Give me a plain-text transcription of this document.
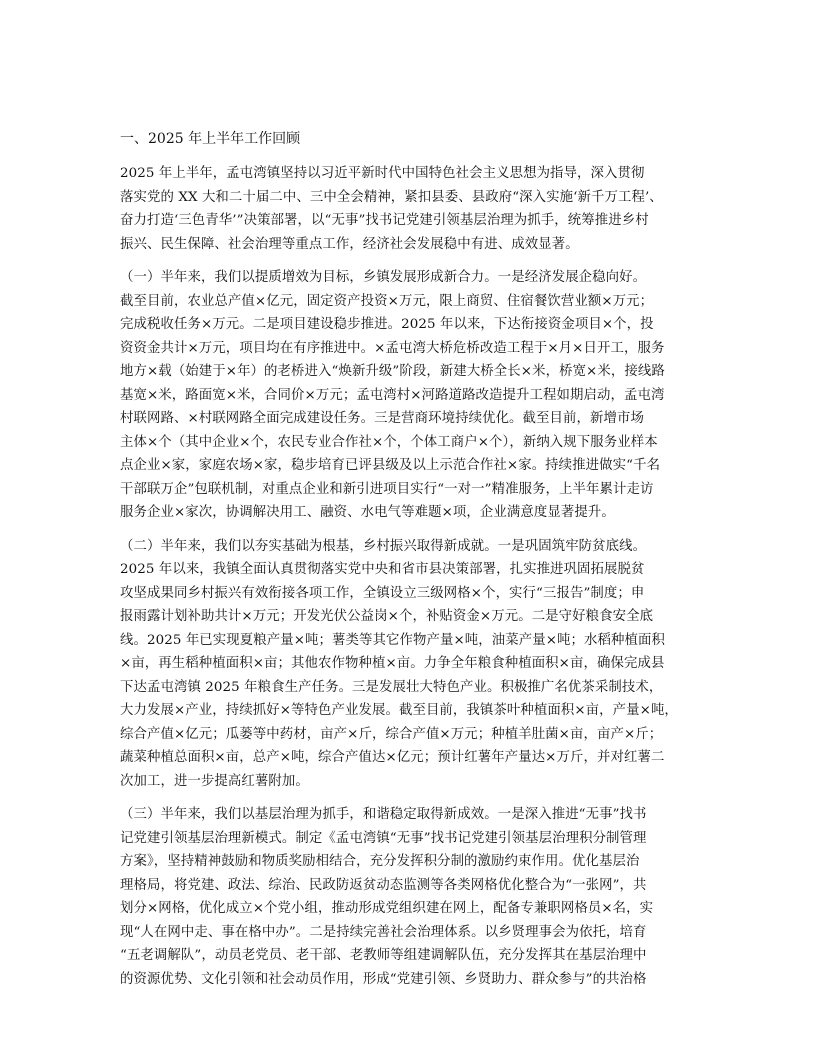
一、2025 年上半年工作回顾
2025 年上半年，孟屯湾镇坚持以习近平新时代中国特色社会主义思想为指导，深入贯彻
落实党的 XX 大和二十届二中、三中全会精神，紧扣县委、县政府“深入实施‘新千万工程’、
奋力打造‘三色青华’”决策部署，以“无事”找书记党建引领基层治理为抓手，统筹推进乡村
振兴、民生保障、社会治理等重点工作，经济社会发展稳中有进、成效显著。
（一）半年来，我们以提质增效为目标，乡镇发展形成新合力。一是经济发展企稳向好。
截至目前，农业总产值×亿元，固定资产投资×万元，限上商贸、住宿餐饮营业额×万元；
完成税收任务×万元。二是项目建设稳步推进。2025 年以来，下达衔接资金项目×个，投
资资金共计×万元，项目均在有序推进中。×孟屯湾大桥危桥改造工程于×月×日开工，服务
地方×载（始建于×年）的老桥进入“焕新升级”阶段，新建大桥全长×米，桥宽×米，接线路
基宽×米，路面宽×米，合同价×万元；孟屯湾村×河路道路改造提升工程如期启动，孟屯湾
村联网路、×村联网路全面完成建设任务。三是营商环境持续优化。截至目前，新增市场
主体×个（其中企业×个，农民专业合作社×个，个体工商户×个），新纳入规下服务业样本
点企业×家，家庭农场×家，稳步培育已评县级及以上示范合作社×家。持续推进做实“千名
干部联万企”包联机制，对重点企业和新引进项目实行“一对一”精准服务，上半年累计走访
服务企业×家次，协调解决用工、融资、水电气等难题×项，企业满意度显著提升。
（二）半年来，我们以夯实基础为根基，乡村振兴取得新成就。一是巩固筑牢防贫底线。
2025 年以来，我镇全面认真贯彻落实党中央和省市县决策部署，扎实推进巩固拓展脱贫
攻坚成果同乡村振兴有效衔接各项工作，全镇设立三级网格×个，实行“三报告”制度；申
报雨露计划补助共计×万元；开发光伏公益岗×个，补贴资金×万元。二是守好粮食安全底
线。2025 年已实现夏粮产量×吨；薯类等其它作物产量×吨，油菜产量×吨；水稻种植面积
×亩，再生稻种植面积×亩；其他农作物种植×亩。力争全年粮食种植面积×亩，确保完成县
下达孟屯湾镇 2025 年粮食生产任务。三是发展壮大特色产业。积极推广名优茶采制技术，
大力发展×产业，持续抓好×等特色产业发展。截至目前，我镇茶叶种植面积×亩，产量×吨，
综合产值×亿元；瓜蒌等中药材，亩产×斤，综合产值×万元；种植羊肚菌×亩，亩产×斤；
蔬菜种植总面积×亩，总产×吨，综合产值达×亿元；预计红薯年产量达×万斤，并对红薯二
次加工，进一步提高红薯附加。
（三）半年来，我们以基层治理为抓手，和谐稳定取得新成效。一是深入推进“无事”找书
记党建引领基层治理新模式。制定《孟屯湾镇“无事”找书记党建引领基层治理积分制管理
方案》，坚持精神鼓励和物质奖励相结合，充分发挥积分制的激励约束作用。优化基层治
理格局，将党建、政法、综治、民政防返贫动态监测等各类网格优化整合为“一张网”，共
划分×网格，优化成立×个党小组，推动形成党组织建在网上，配备专兼职网格员×名，实
现“人在网中走、事在格中办”。二是持续完善社会治理体系。以乡贤理事会为依托，培育
“五老调解队”，动员老党员、老干部、老教师等组建调解队伍，充分发挥其在基层治理中
的资源优势、文化引领和社会动员作用，形成“党建引领、乡贤助力、群众参与”的共治格
